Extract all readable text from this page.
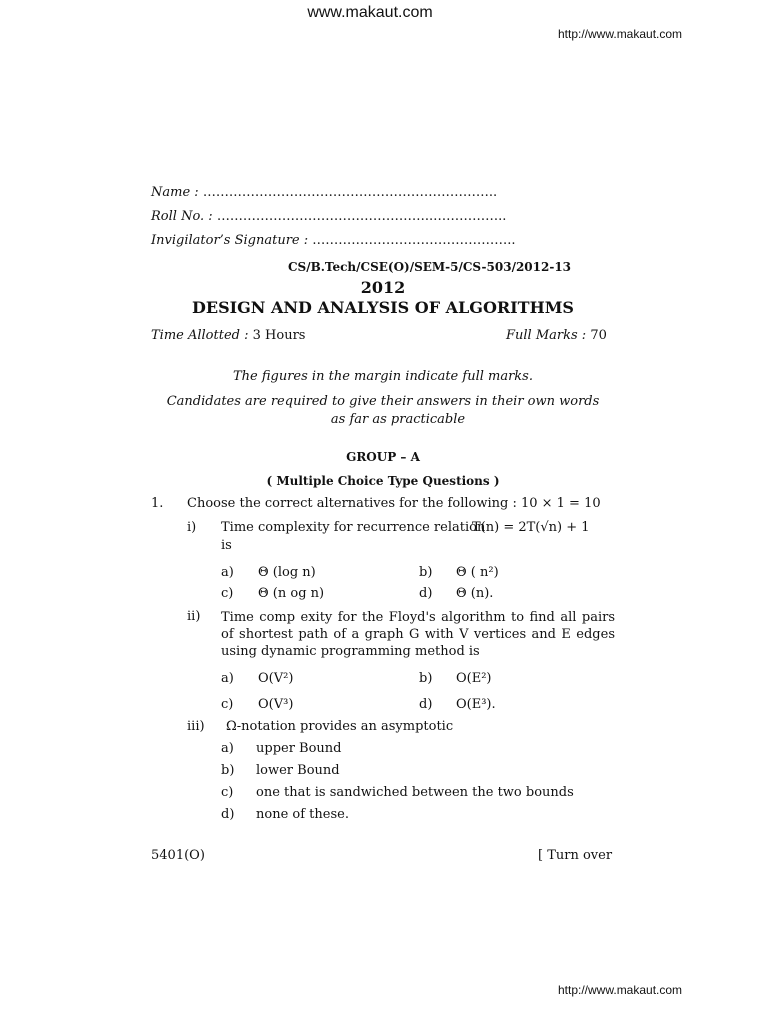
www.makaut.com
http://www.makaut.com
Name : …………………………………………………………..
Roll No. : …………………………………………..……………..
Invigilator’s Signature : ………………………………………..
CS/B.Tech/CSE(O)/SEM-5/CS-503/2012-13
2012
DESIGN AND ANALYSIS OF ALGORITHMS
Time Allotted : 3 Hours	Full Marks : 70
The figures in the margin indicate full marks.
Candidates are required to give their answers in their own words
as far as practicable
GROUP – A
( Multiple Choice Type Questions )
1. Choose the correct alternatives for the following : 10 × 1 = 10
i) Time complexity for recurrence relation
T(n) = 2T(√n) + 1
is
a) Θ (log n)	b) Θ ( n²)
c) Θ (n og n)	d) Θ (n).
ii) Time comp exity for the Floyd's algorithm to find all pairs of shortest path of a graph G with V vertices and E edges using dynamic programming method is
a) O(V²)	b) O(E²)
c) O(V³)	d) O(E³).
iii) Ω-notation provides an asymptotic
a) upper Bound
b) lower Bound
c) one that is sandwiched between the two bounds
d) none of these.
5401(O)	[ Turn over
http://www.makaut.com
